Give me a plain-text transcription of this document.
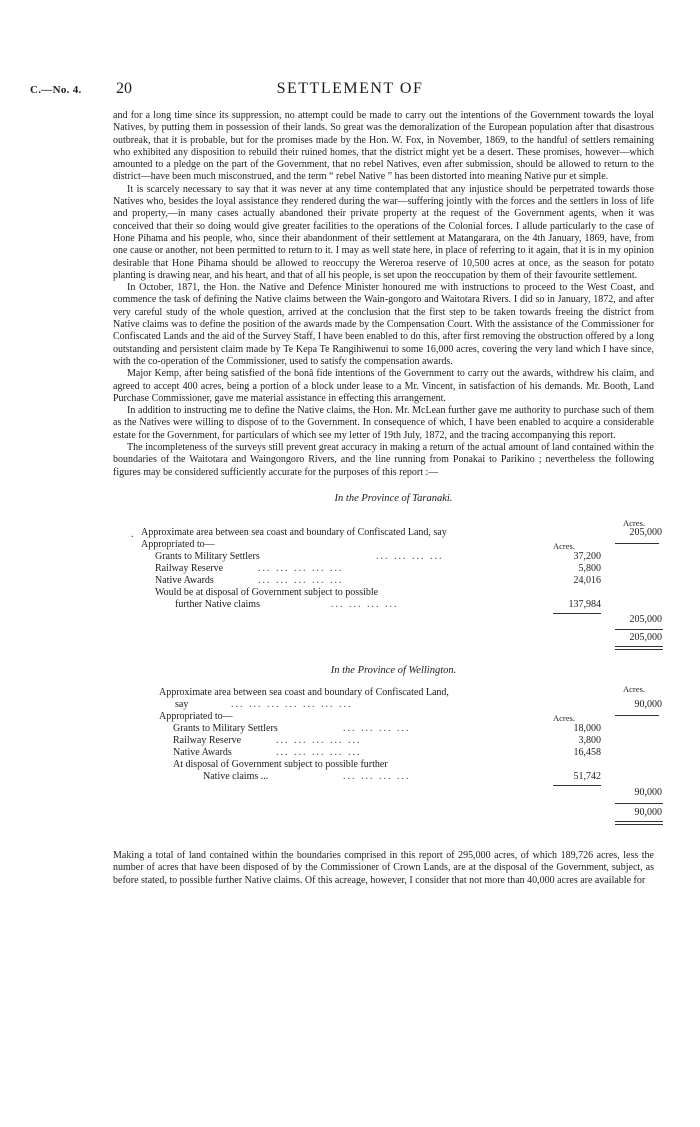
C.—No. 4. 20	SETTLEMENT OF

and for a long time since its suppression, no attempt could be made to carry out the intentions of the Government towards the loyal Natives, by putting them in possession of their lands. So great was the demoralization of the European population after that disastrous outbreak, that it is probable, but for the promises made by the Hon. W. Fox, in November, 1869, to the handful of settlers remaining who exhibited any disposition to rebuild their ruined homes, that the district might yet be a desert. These promises, however—which amounted to a pledge on the part of the Government, that no rebel Natives, even after submission, should be allowed to return to the district—have been much misconstrued, and the term “ rebel Native ” has been distorted into meaning Native pur et simple.

It is scarcely necessary to say that it was never at any time contemplated that any injustice should be perpetrated towards those Natives who, besides the loyal assistance they rendered during the war—suffering jointly with the forces and the settlers in loss of life and property,—in many cases actually abandoned their private property at the request of the Government agents, when it was conceived that their so doing would give greater facilities to the operations of the Colonial forces. I allude particularly to the case of Hone Pihama and his people, who, since their abandonment of their settlement at Matangarara, on the 4th January, 1869, have, from one cause or another, not been permitted to return to it. I may as well state here, in place of referring to it again, that it is in my opinion desirable that Hone Pihama should be allowed to reoccupy the Wereroa reserve of 10,500 acres at once, as the season for potato planting is drawing near, and his heart, and that of all his people, is set upon the reoccupation by them of their favourite settlement.

In October, 1871, the Hon. the Native and Defence Minister honoured me with instructions to proceed to the West Coast, and commence the task of defining the Native claims between the Wain-gongoro and Waitotara Rivers. I did so in January, 1872, and after very careful study of the whole question, arrived at the conclusion that the first step to be taken towards freeing the district from Native claims was to define the position of the awards made by the Compensation Court. With the assistance of the Commissioner for Confiscated Lands and the aid of the Survey Staff, I have been enabled to do this, after first removing the obstruction offered by a long outstanding and persistent claim made by Te Kepa Te Rangihiwenui to some 16,000 acres, covering the very land which I have since, with the co-operation of the Commissioner, used to satisfy the compensation awards.

Major Kemp, after being satisfied of the bonâ fide intentions of the Government to carry out the awards, withdrew his claim, and agreed to accept 400 acres, being a portion of a block under lease to a Mr. Vincent, in satisfaction of his demands. Mr. Booth, Land Purchase Commissioner, gave me material assistance in effecting this arrangement.

In addition to instructing me to define the Native claims, the Hon. Mr. McLean further gave me authority to purchase such of them as the Natives were willing to dispose of to the Government. In consequence of which, I have been enabled to acquire a considerable estate for the Government, for particulars of which see my letter of 19th July, 1872, and the tracing accompanying this report.

The incompleteness of the surveys still prevent great accuracy in making a return of the actual amount of land contained within the boundaries of the Waitotara and Waingongoro Rivers, and the line running from Ponakai to Parikino ; nevertheless the following figures may be considered sufficiently accurate for the purposes of this report :—

In the Province of Taranaki.

Acres.
. Approximate area between sea coast and boundary of Confiscated Land, say	205,000
Appropriated to—	Acres.
Grants to Military Settlers	... ... ... ...	37,200
Railway Reserve	... ... ... ... ...	5,800
Native Awards	... ... ... ... ...	24,016
Would be at disposal of Government subject to possible
further Native claims	... ... ... ...	137,984
205,000
205,000

In the Province of Wellington.

Acres.
Approximate area between sea coast and boundary of Confiscated Land,
say	... ... ... ... ... ... ...	90,000
Appropriated to—	Acres.
Grants to Military Settlers	... ... ... ...	18,000
Railway Reserve	... ... ... ... ...	3,800
Native Awards	... ... ... ... ...	16,458
At disposal of Government subject to possible further
Native claims ...	... ... ... ...	51,742
90,000
90,000

Making a total of land contained within the boundaries comprised in this report of 295,000 acres, of which 189,726 acres, less the number of acres that have been disposed of by the Commissioner of Crown Lands, are at the disposal of the Government, subject, as before stated, to possible further Native claims. Of this acreage, however, I consider that not more than 40,000 acres are available for
